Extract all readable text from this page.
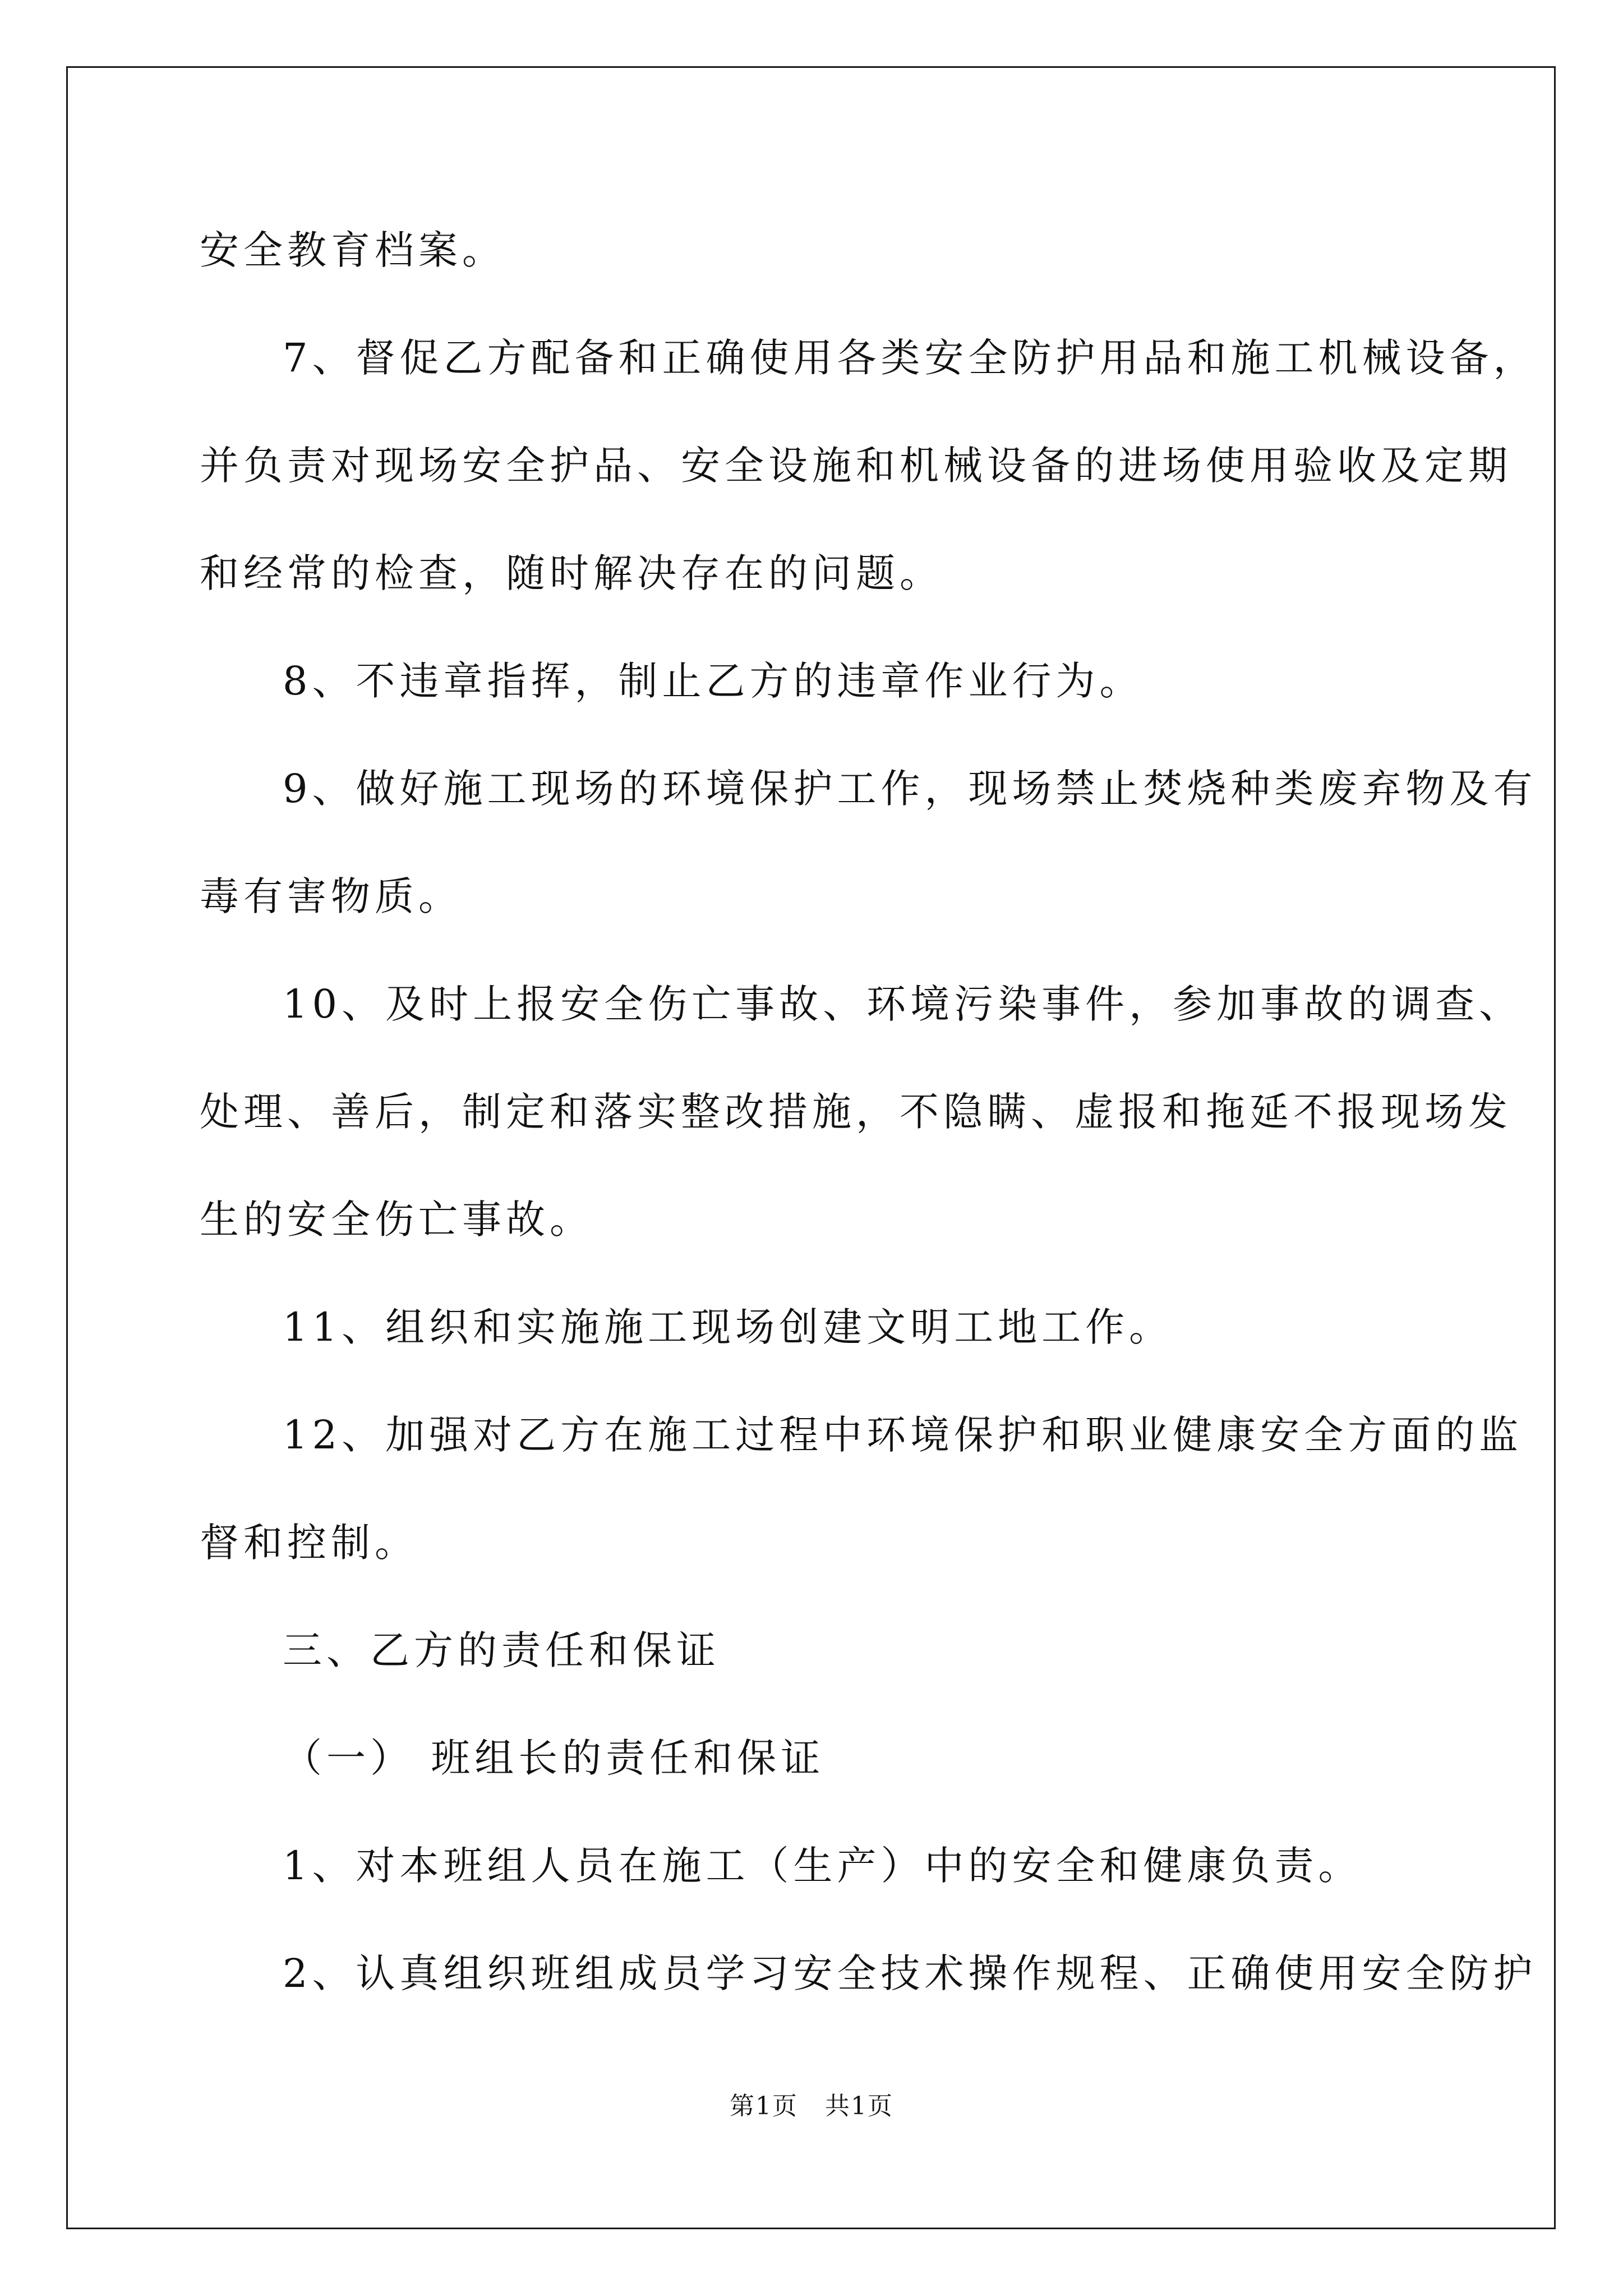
安全教育档案。

7、督促乙方配备和正确使用各类安全防护用品和施工机械设备，

并负责对现场安全护品、安全设施和机械设备的进场使用验收及定期

和经常的检查，随时解决存在的问题。

8、不违章指挥，制止乙方的违章作业行为。

9、做好施工现场的环境保护工作，现场禁止焚烧种类废弃物及有

毒有害物质。

10、及时上报安全伤亡事故、环境污染事件，参加事故的调查、

处理、善后，制定和落实整改措施，不隐瞒、虚报和拖延不报现场发

生的安全伤亡事故。

11、组织和实施施工现场创建文明工地工作。

12、加强对乙方在施工过程中环境保护和职业健康安全方面的监

督和控制。

三、乙方的责任和保证

（一） 班组长的责任和保证

1、对本班组人员在施工（生产）中的安全和健康负责。

2、认真组织班组成员学习安全技术操作规程、正确使用安全防护

第1页   共1页
